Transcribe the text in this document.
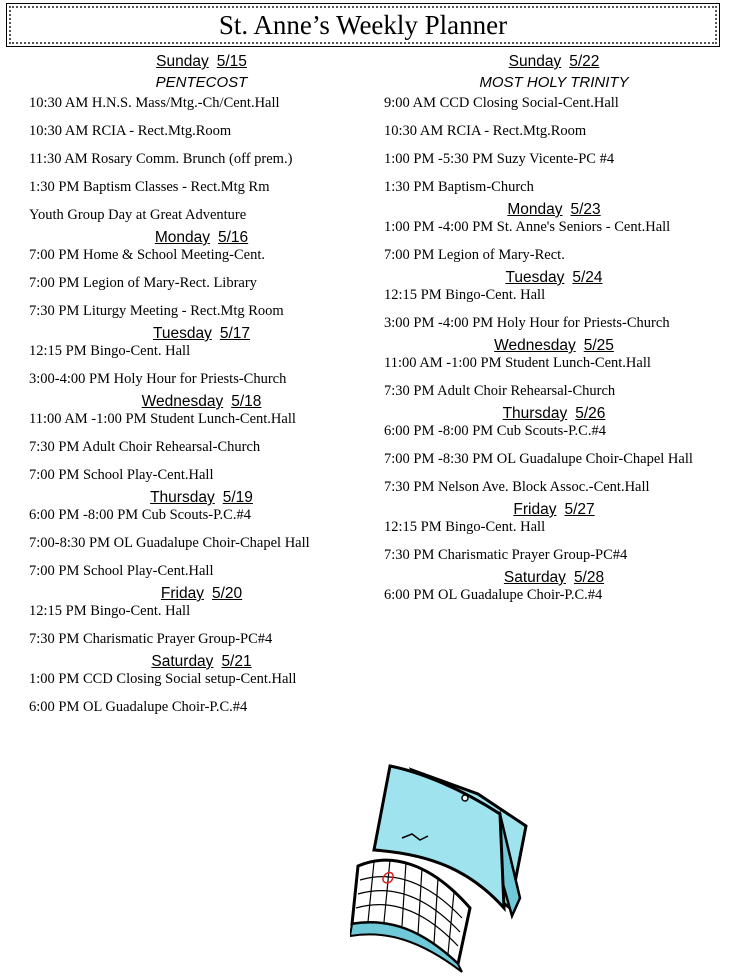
St. Anne’s Weekly Planner
Sunday 5/15
PENTECOST
10:30 AM H.N.S. Mass/Mtg.-Ch/Cent.Hall
10:30 AM RCIA - Rect.Mtg.Room
11:30 AM Rosary Comm. Brunch (off prem.)
1:30 PM Baptism Classes - Rect.Mtg Rm
Youth Group Day at Great Adventure
Monday 5/16
7:00 PM Home & School Meeting-Cent.
7:00 PM Legion of Mary-Rect. Library
7:30 PM Liturgy Meeting - Rect.Mtg Room
Tuesday 5/17
12:15 PM Bingo-Cent. Hall
3:00-4:00 PM Holy Hour for Priests-Church
Wednesday 5/18
11:00 AM -1:00 PM Student Lunch-Cent.Hall
7:30 PM Adult Choir Rehearsal-Church
7:00 PM School Play-Cent.Hall
Thursday 5/19
6:00 PM -8:00 PM Cub Scouts-P.C.#4
7:00-8:30 PM OL Guadalupe Choir-Chapel Hall
7:00 PM School Play-Cent.Hall
Friday 5/20
12:15 PM Bingo-Cent. Hall
7:30 PM Charismatic Prayer Group-PC#4
Saturday 5/21
1:00 PM CCD Closing Social setup-Cent.Hall
6:00 PM OL Guadalupe Choir-P.C.#4
Sunday 5/22
MOST HOLY TRINITY
9:00 AM CCD Closing Social-Cent.Hall
10:30 AM RCIA - Rect.Mtg.Room
1:00 PM -5:30 PM Suzy Vicente-PC #4
1:30 PM Baptism-Church
Monday 5/23
1:00 PM -4:00 PM St. Anne's Seniors - Cent.Hall
7:00 PM Legion of Mary-Rect.
Tuesday 5/24
12:15 PM Bingo-Cent. Hall
3:00 PM -4:00 PM Holy Hour for Priests-Church
Wednesday 5/25
11:00 AM -1:00 PM Student Lunch-Cent.Hall
7:30 PM Adult Choir Rehearsal-Church
Thursday 5/26
6:00 PM -8:00 PM Cub Scouts-P.C.#4
7:00 PM -8:30 PM OL Guadalupe Choir-Chapel Hall
7:30 PM Nelson Ave. Block Assoc.-Cent.Hall
Friday 5/27
12:15 PM Bingo-Cent. Hall
7:30 PM Charismatic Prayer Group-PC#4
Saturday 5/28
6:00 PM OL Guadalupe Choir-P.C.#4
